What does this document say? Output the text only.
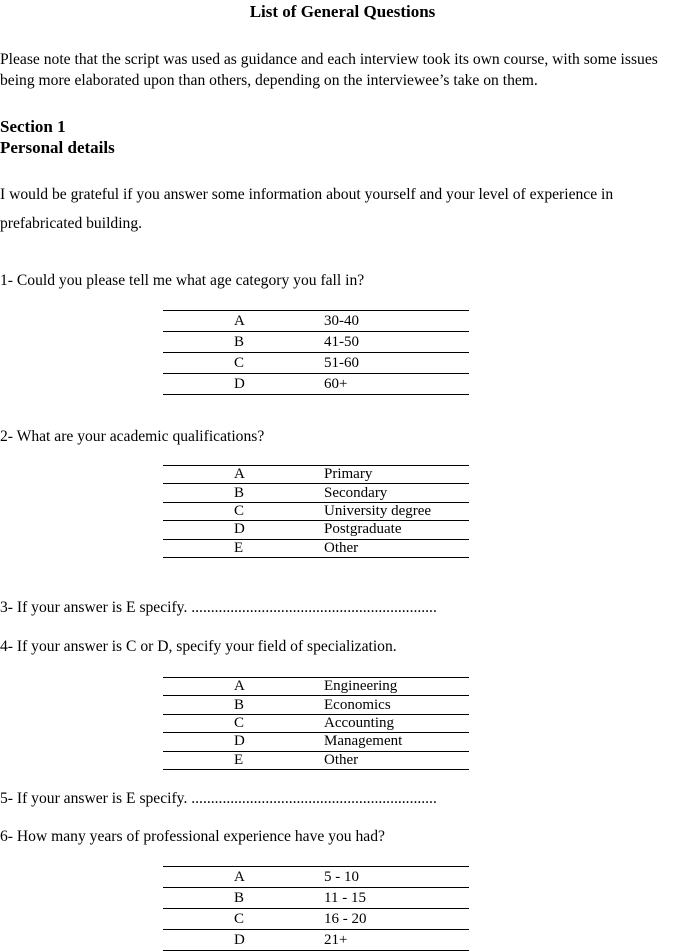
List of General Questions
Please note that the script was used as guidance and each interview took its own course, with some issues being more elaborated upon than others, depending on the interviewee’s take on them.
Section 1
Personal details
I would be grateful if you answer some information about yourself and your level of experience in
prefabricated building.
1- Could you please tell me what age category you fall in?
A	30-40
B	41-50
C	51-60
D	60+
2- What are your academic qualifications?
A	Primary
B	Secondary
C	University degree
D	Postgraduate
E	Other
3- If your answer is E specify. ...............................................................
4- If your answer is C or D, specify your field of specialization.
A	Engineering
B	Economics
C	Accounting
D	Management
E	Other
5- If your answer is E specify. ...............................................................
6- How many years of professional experience have you had?
A	5 - 10
B	11 - 15
C	16 - 20
D	21+
